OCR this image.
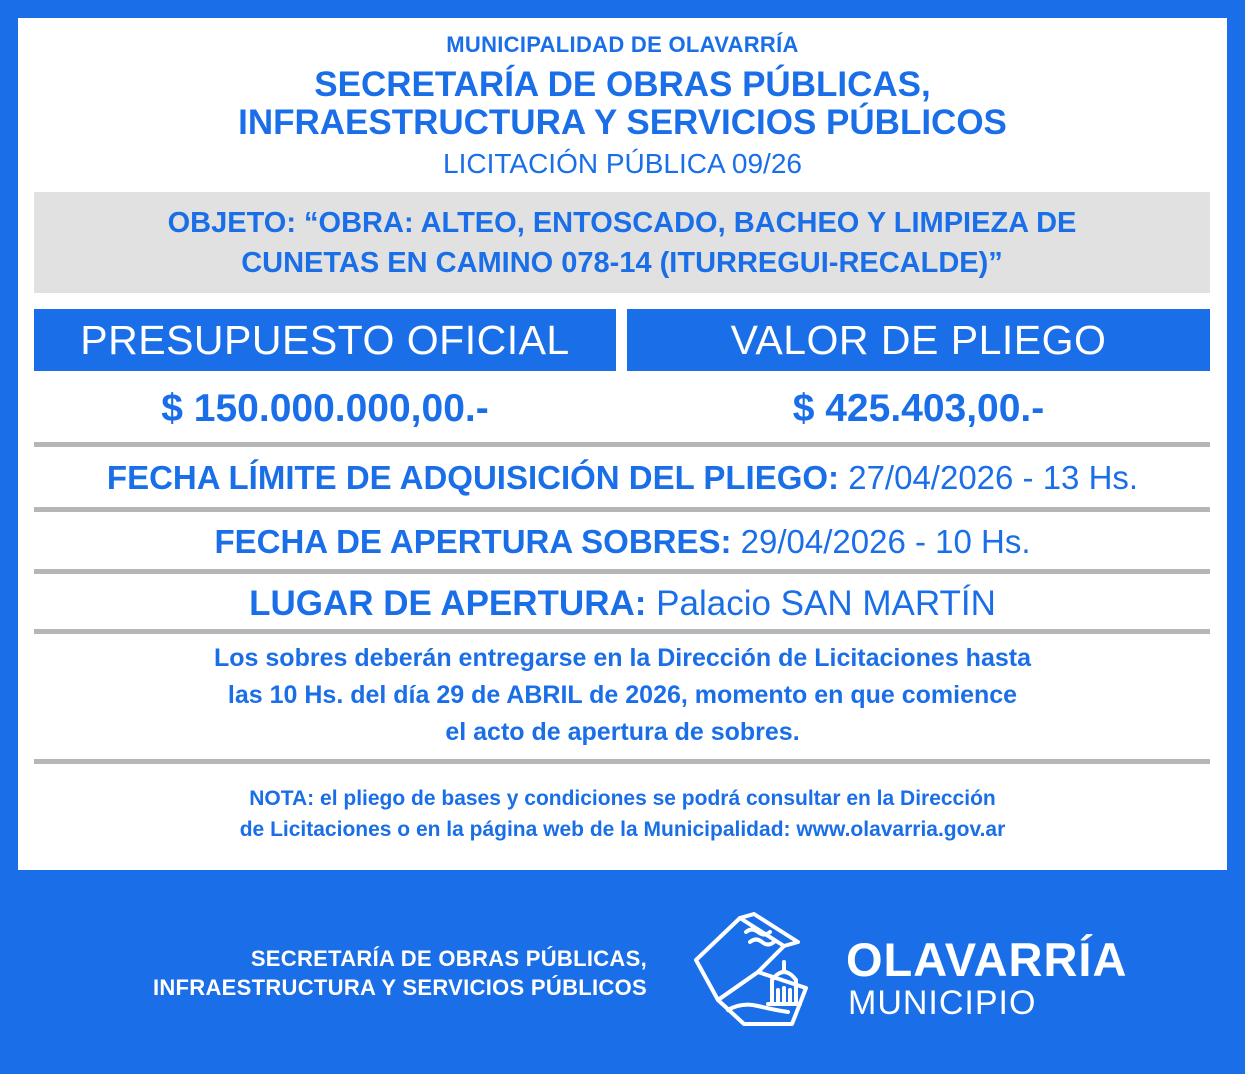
MUNICIPALIDAD DE OLAVARRÍA
SECRETARÍA DE OBRAS PÚBLICAS,
INFRAESTRUCTURA Y SERVICIOS PÚBLICOS
LICITACIÓN PÚBLICA 09/26
OBJETO: “OBRA: ALTEO, ENTOSCADO, BACHEO Y LIMPIEZA DE
CUNETAS EN CAMINO 078-14 (ITURREGUI-RECALDE)”
PRESUPUESTO OFICIAL	VALOR DE PLIEGO
$ 150.000.000,00.-	$ 425.403,00.-
FECHA LÍMITE DE ADQUISICIÓN DEL PLIEGO: 27/04/2026 - 13 Hs.
FECHA DE APERTURA SOBRES: 29/04/2026 - 10 Hs.
LUGAR DE APERTURA: Palacio SAN MARTÍN
Los sobres deberán entregarse en la Dirección de Licitaciones hasta
las 10 Hs. del día 29 de ABRIL de 2026, momento en que comience
el acto de apertura de sobres.
NOTA: el pliego de bases y condiciones se podrá consultar en la Dirección
de Licitaciones o en la página web de la Municipalidad: www.olavarria.gov.ar
SECRETARÍA DE OBRAS PÚBLICAS,
INFRAESTRUCTURA Y SERVICIOS PÚBLICOS
OLAVARRÍA
MUNICIPIO
